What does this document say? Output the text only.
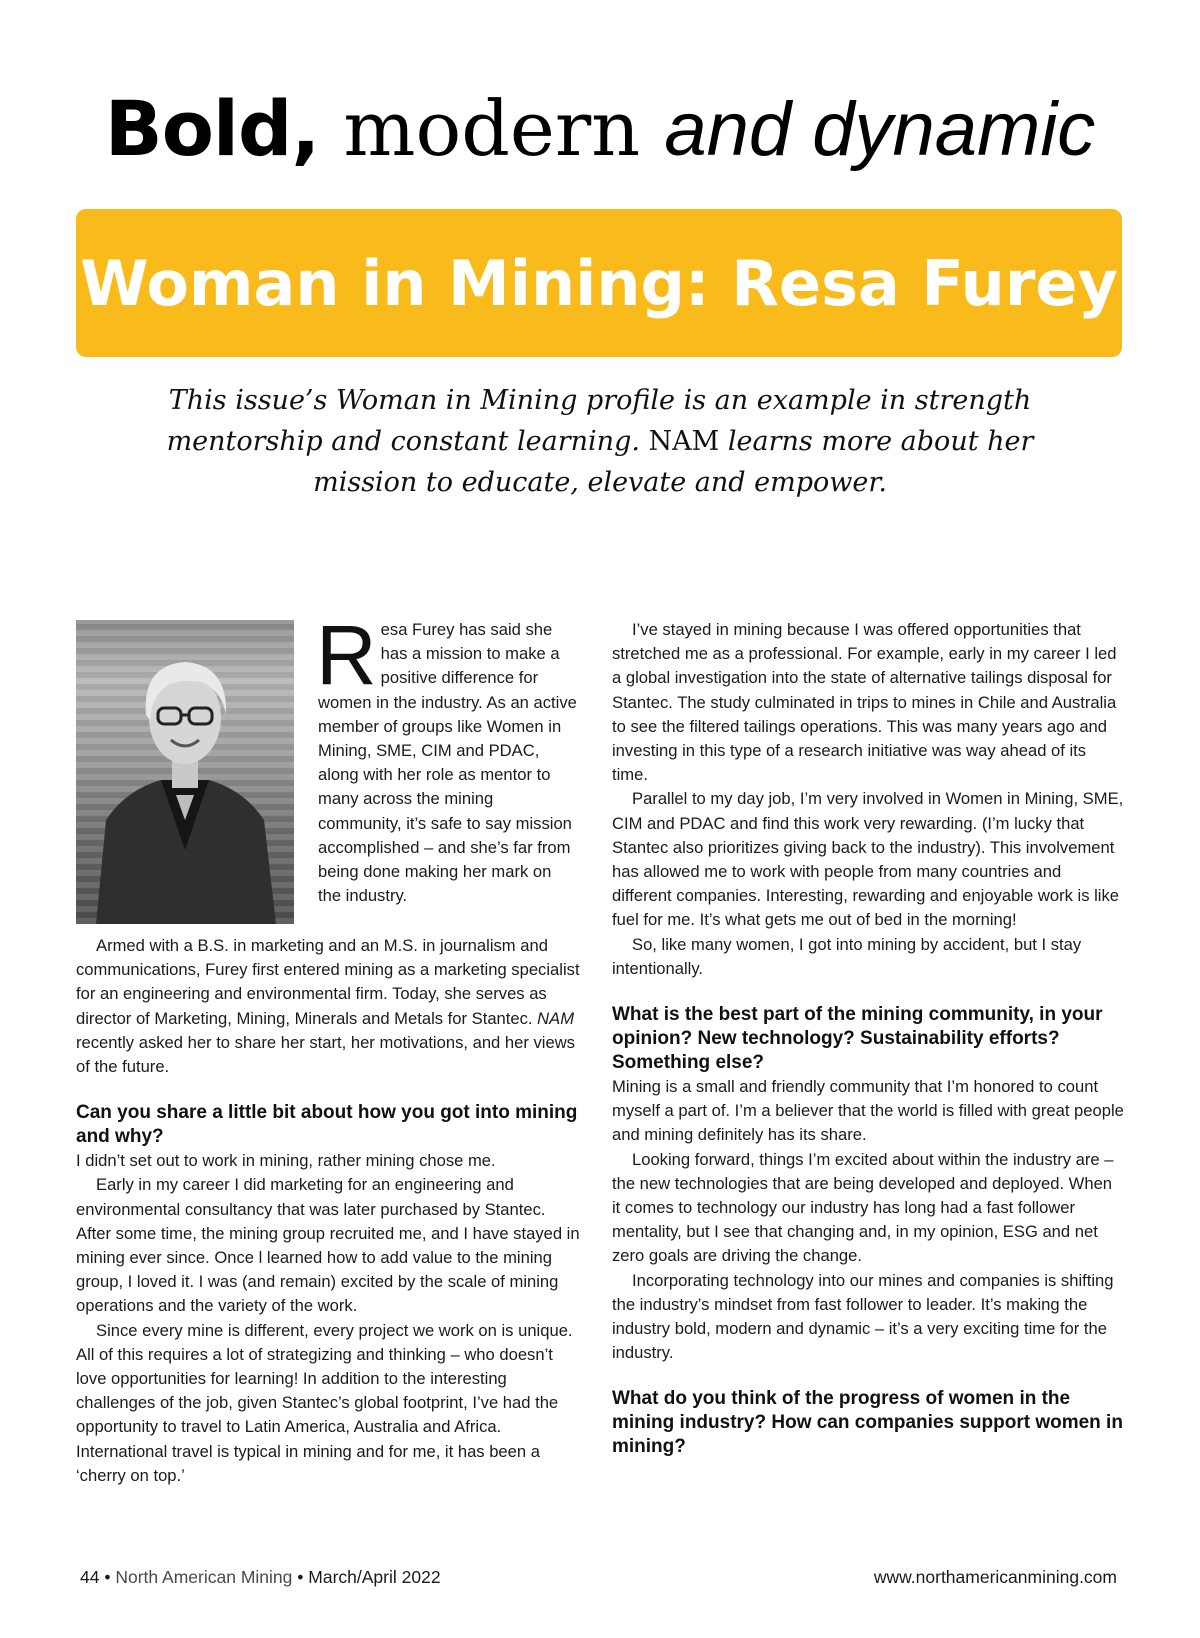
Bold, modern and dynamic
Woman in Mining: Resa Furey
This issue’s Woman in Mining profile is an example in strength mentorship and constant learning. NAM learns more about her mission to educate, elevate and empower.
Resa Furey has said she has a mission to make a positive difference for women in the industry. As an active member of groups like Women in Mining, SME, CIM and PDAC, along with her role as mentor to many across the mining community, it’s safe to say mission accomplished – and she’s far from being done making her mark on the industry.

Armed with a B.S. in marketing and an M.S. in journalism and communications, Furey first entered mining as a marketing specialist for an engineering and environmental firm. Today, she serves as director of Marketing, Mining, Minerals and Metals for Stantec. NAM recently asked her to share her start, her motivations, and her views of the future.

Can you share a little bit about how you got into mining and why?

I didn’t set out to work in mining, rather mining chose me.

Early in my career I did marketing for an engineering and environmental consultancy that was later purchased by Stantec. After some time, the mining group recruited me, and I have stayed in mining ever since. Once l learned how to add value to the mining group, I loved it. I was (and remain) excited by the scale of mining operations and the variety of the work.

Since every mine is different, every project we work on is unique. All of this requires a lot of strategizing and thinking – who doesn’t love opportunities for learning! In addition to the interesting challenges of the job, given Stantec’s global footprint, I’ve had the opportunity to travel to Latin America, Australia and Africa. International travel is typical in mining and for me, it has been a ‘cherry on top.’

I’ve stayed in mining because I was offered opportunities that stretched me as a professional. For example, early in my career I led a global investigation into the state of alternative tailings disposal for Stantec. The study culminated in trips to mines in Chile and Australia to see the filtered tailings operations. This was many years ago and investing in this type of a research initiative was way ahead of its time.

Parallel to my day job, I’m very involved in Women in Mining, SME, CIM and PDAC and find this work very rewarding. (I’m lucky that Stantec also prioritizes giving back to the industry). This involvement has allowed me to work with people from many countries and different companies. Interesting, rewarding and enjoyable work is like fuel for me. It’s what gets me out of bed in the morning!

So, like many women, I got into mining by accident, but I stay intentionally.

What is the best part of the mining community, in your opinion? New technology? Sustainability efforts? Something else?

Mining is a small and friendly community that I’m honored to count myself a part of. I’m a believer that the world is filled with great people and mining definitely has its share.

Looking forward, things I’m excited about within the industry are – the new technologies that are being developed and deployed. When it comes to technology our industry has long had a fast follower mentality, but I see that changing and, in my opinion, ESG and net zero goals are driving the change.

Incorporating technology into our mines and companies is shifting the industry’s mindset from fast follower to leader. It’s making the industry bold, modern and dynamic – it’s a very exciting time for the industry.

What do you think of the progress of women in the mining industry? How can companies support women in mining?
44 • North American Mining • March/April 2022	www.northamericanmining.com
